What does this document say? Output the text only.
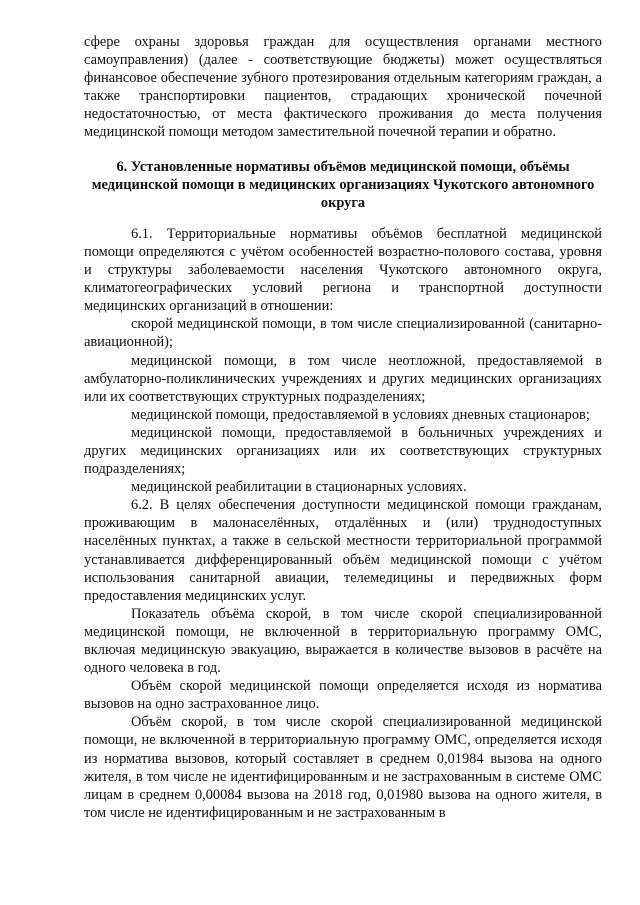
сфере охраны здоровья граждан для осуществления органами местного самоуправления) (далее - соответствующие бюджеты) может осуществляться финансовое обеспечение зубного протезирования отдельным категориям граждан, а также транспортировки пациентов, страдающих хронической почечной недостаточностью, от места фактического проживания до места получения медицинской помощи методом заместительной почечной терапии и обратно.

6. Установленные нормативы объёмов медицинской помощи, объёмы медицинской помощи в медицинских организациях Чукотского автономного округа

6.1. Территориальные нормативы объёмов бесплатной медицинской помощи определяются с учётом особенностей возрастно-полового состава, уровня и структуры заболеваемости населения Чукотского автономного округа, климатогеографических условий региона и транспортной доступности медицинских организаций в отношении:

скорой медицинской помощи, в том числе специализированной (санитарно-авиационной);

медицинской помощи, в том числе неотложной, предоставляемой в амбулаторно-поликлинических учреждениях и других медицинских организациях или их соответствующих структурных подразделениях;

медицинской помощи, предоставляемой в условиях дневных стационаров;

медицинской помощи, предоставляемой в больничных учреждениях и других медицинских организациях или их соответствующих структурных подразделениях;

медицинской реабилитации в стационарных условиях.

6.2. В целях обеспечения доступности медицинской помощи гражданам, проживающим в малонаселённых, отдалённых и (или) труднодоступных населённых пунктах, а также в сельской местности территориальной программой устанавливается дифференцированный объём медицинской помощи с учётом использования санитарной авиации, телемедицины и передвижных форм предоставления медицинских услуг.

Показатель объёма скорой, в том числе скорой специализированной медицинской помощи, не включенной в территориальную программу ОМС, включая медицинскую эвакуацию, выражается в количестве вызовов в расчёте на одного человека в год.

Объём скорой медицинской помощи определяется исходя из норматива вызовов на одно застрахованное лицо.

Объём скорой, в том числе скорой специализированной медицинской помощи, не включенной в территориальную программу ОМС, определяется исходя из норматива вызовов, который составляет в среднем 0,01984 вызова на одного жителя, в том числе не идентифицированным и не застрахованным в системе ОМС лицам в среднем 0,00084 вызова на 2018 год, 0,01980 вызова на одного жителя, в том числе не идентифицированным и не застрахованным в
